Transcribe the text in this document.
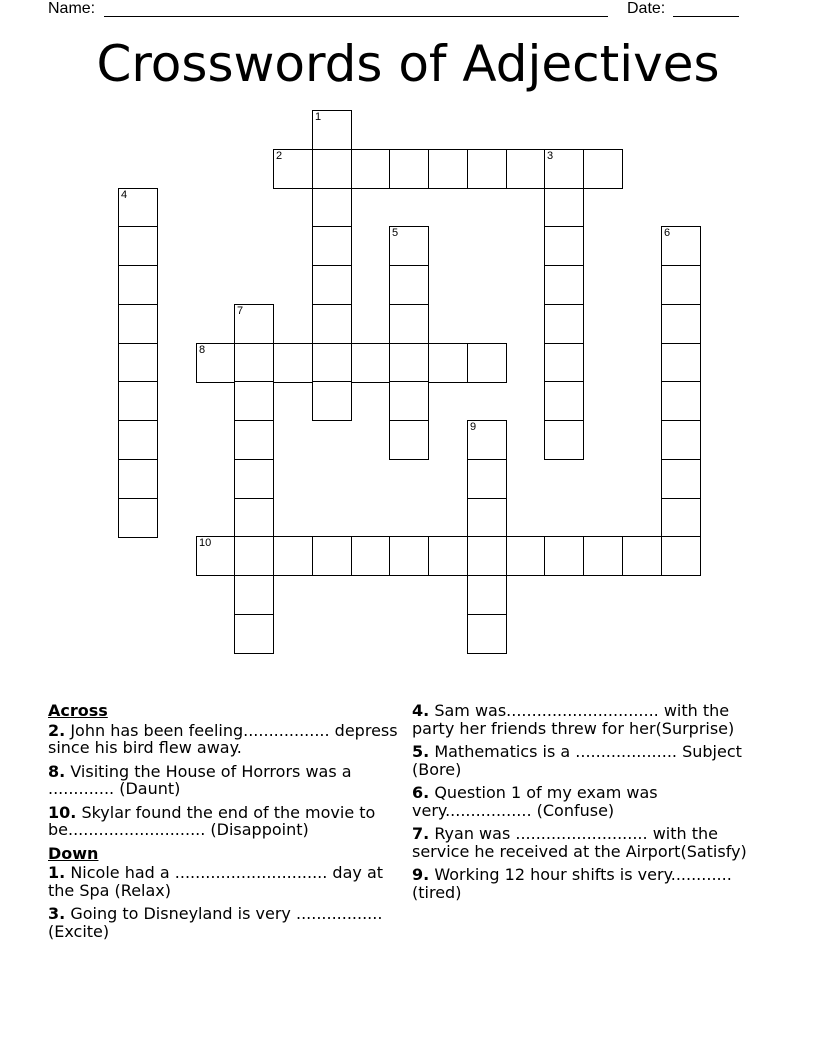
Name:	Date:
Crosswords of Adjectives
1
2	3
4
5	6
7
8
9
10
Across
2. John has been feeling................. depress since his bird flew away.
8. Visiting the House of Horrors was a ............. (Daunt)
10. Skylar found the end of the movie to be........................... (Disappoint)
Down
1. Nicole had a .............................. day at the Spa (Relax)
3. Going to Disneyland is very ................. (Excite)
4. Sam was.............................. with the party her friends threw for her(Surprise)
5. Mathematics is a .................... Subject (Bore)
6. Question 1 of my exam was very................. (Confuse)
7. Ryan was .......................... with the service he received at the Airport(Satisfy)
9. Working 12 hour shifts is very............ (tired)
